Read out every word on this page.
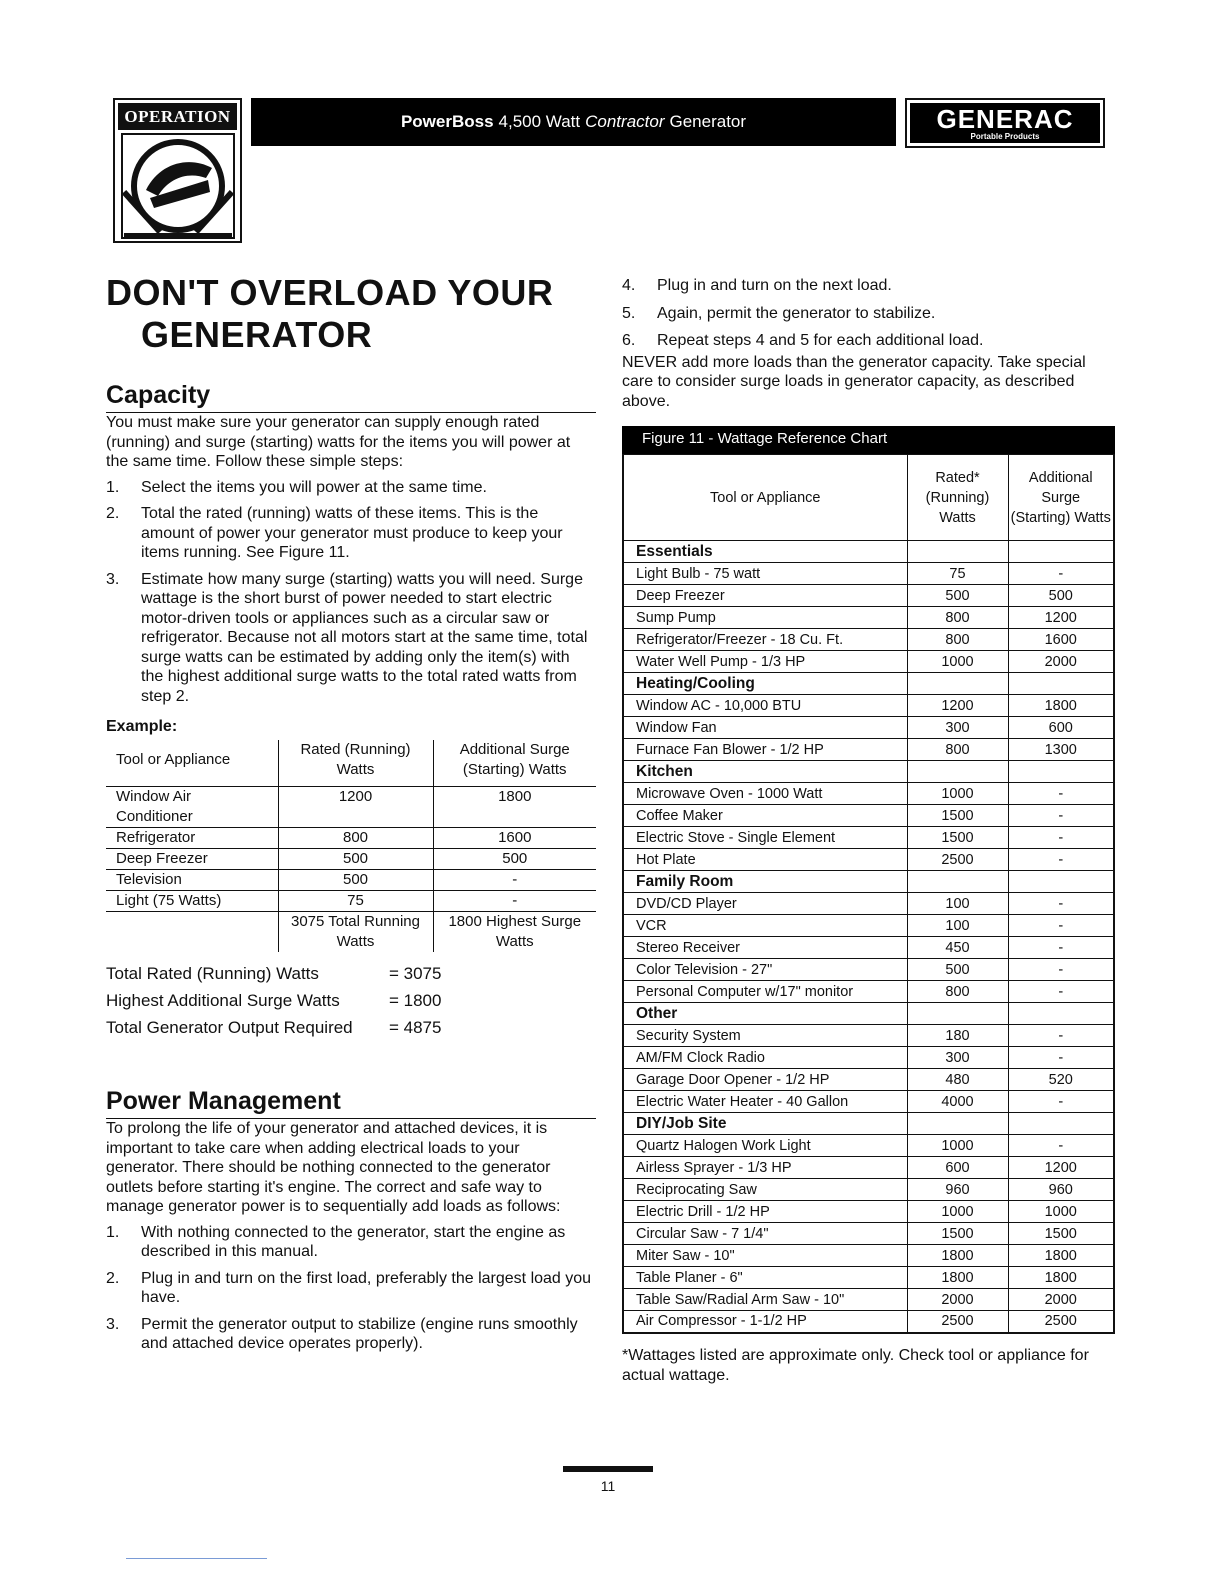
OPERATION	PowerBoss 4,500 Watt Contractor Generator	GENERAC
Portable Products
DON'T OVERLOAD YOUR
GENERATOR
Capacity

You must make sure your generator can supply enough rated (running) and surge (starting) watts for the items you will power at the same time. Follow these simple steps:

1. Select the items you will power at the same time.
2. Total the rated (running) watts of these items. This is the amount of power your generator must produce to keep your items running. See Figure 11.
3. Estimate how many surge (starting) watts you will need. Surge wattage is the short burst of power needed to start electric motor-driven tools or appliances such as a circular saw or refrigerator. Because not all motors start at the same time, total surge watts can be estimated by adding only the item(s) with the highest additional surge watts to the total rated watts from step 2.
Example:
Tool or Appliance	Rated (Running) Watts	Additional Surge (Starting) Watts
Window Air Conditioner	1200	1800
Refrigerator	800	1600
Deep Freezer	500	500
Television	500	-
Light (75 Watts)	75	-
	3075 Total Running Watts	1800 Highest Surge Watts
Total Rated (Running) Watts	= 3075
Highest Additional Surge Watts	= 1800
Total Generator Output Required	= 4875
Power Management

To prolong the life of your generator and attached devices, it is important to take care when adding electrical loads to your generator. There should be nothing connected to the generator outlets before starting it's engine. The correct and safe way to manage generator power is to sequentially add loads as follows:

1. With nothing connected to the generator, start the engine as described in this manual.
2. Plug in and turn on the first load, preferably the largest load you have.
3. Permit the generator output to stabilize (engine runs smoothly and attached device operates properly).
4. Plug in and turn on the next load.
5. Again, permit the generator to stabilize.
6. Repeat steps 4 and 5 for each additional load.

NEVER add more loads than the generator capacity. Take special care to consider surge loads in generator capacity, as described above.

Figure 11 - Wattage Reference Chart
Tool or Appliance	Rated* (Running) Watts	Additional Surge (Starting) Watts
Essentials		
Light Bulb - 75 watt	75	-
Deep Freezer	500	500
Sump Pump	800	1200
Refrigerator/Freezer - 18 Cu. Ft.	800	1600
Water Well Pump - 1/3 HP	1000	2000
Heating/Cooling		
Window AC - 10,000 BTU	1200	1800
Window Fan	300	600
Furnace Fan Blower - 1/2 HP	800	1300
Kitchen		
Microwave Oven - 1000 Watt	1000	-
Coffee Maker	1500	-
Electric Stove - Single Element	1500	-
Hot Plate	2500	-
Family Room		
DVD/CD Player	100	-
VCR	100	-
Stereo Receiver	450	-
Color Television - 27"	500	-
Personal Computer w/17" monitor	800	-
Other		
Security System	180	-
AM/FM Clock Radio	300	-
Garage Door Opener - 1/2 HP	480	520
Electric Water Heater - 40 Gallon	4000	-
DIY/Job Site		
Quartz Halogen Work Light	1000	-
Airless Sprayer - 1/3 HP	600	1200
Reciprocating Saw	960	960
Electric Drill - 1/2 HP	1000	1000
Circular Saw - 7 1/4"	1500	1500
Miter Saw - 10"	1800	1800
Table Planer - 6"	1800	1800
Table Saw/Radial Arm Saw - 10"	2000	2000
Air Compressor - 1-1/2 HP	2500	2500

*Wattages listed are approximate only. Check tool or appliance for actual wattage.

11
